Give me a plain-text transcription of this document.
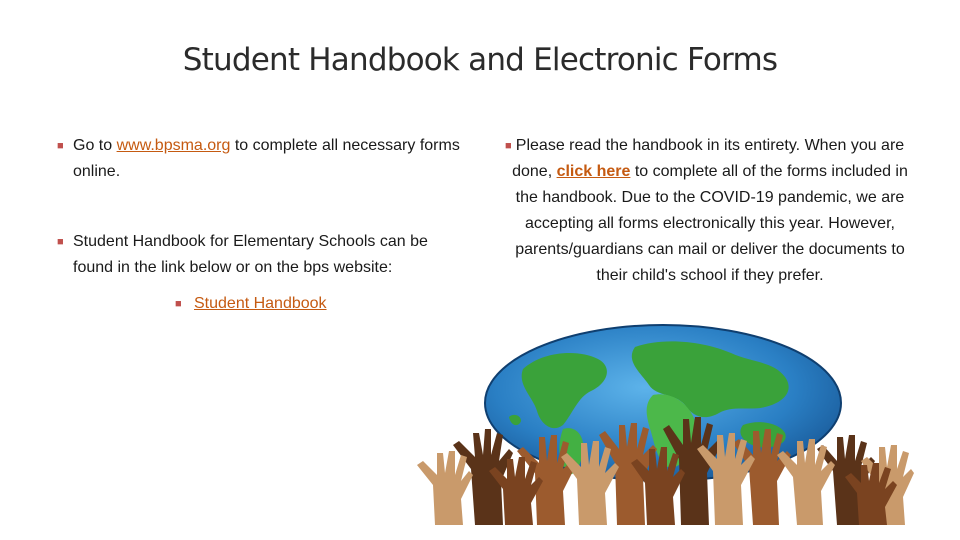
Student Handbook and Electronic Forms
■ Go to www.bpsma.org to complete all necessary forms online.
■ Student Handbook for Elementary Schools can be found in the link below or on the bps website:
■ Student Handbook
■ Please read the handbook in its entirety. When you are done, click here to complete all of the forms included in the handbook. Due to the COVID-19 pandemic, we are accepting all forms electronically this year. However, parents/guardians can mail or deliver the documents to their child's school if they prefer.
